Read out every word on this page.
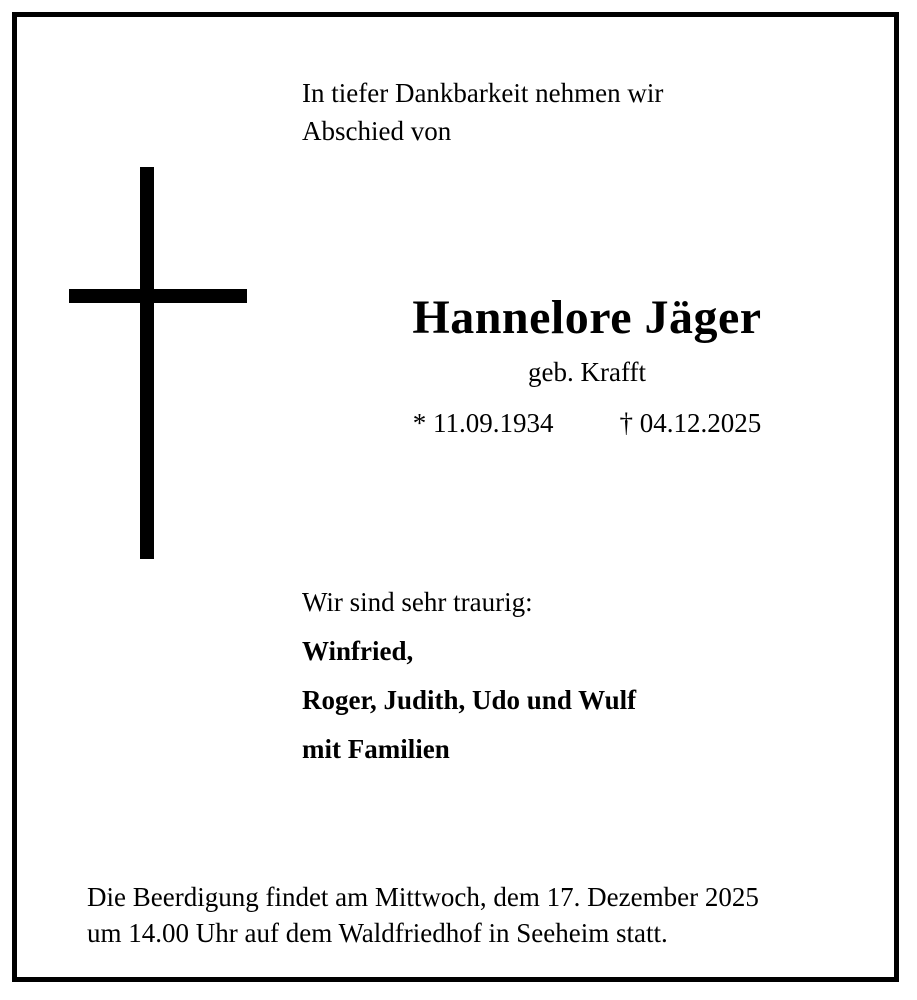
In tiefer Dankbarkeit nehmen wir
Abschied von
Hannelore Jäger
geb. Krafft
* 11.09.1934 † 04.12.2025
Wir sind sehr traurig:
Winfried,
Roger, Judith, Udo und Wulf
mit Familien
Die Beerdigung findet am Mittwoch, dem 17. Dezember 2025
um 14.00 Uhr auf dem Waldfriedhof in Seeheim statt.
